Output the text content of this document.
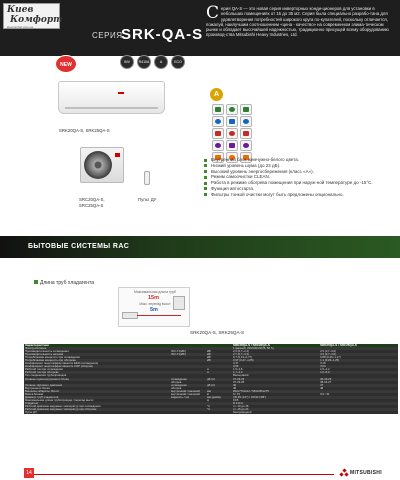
Киев
Комфорт
kievcomfort.com.ua
СЕРИЯ
SRK-QA-S
Серия QA-S — это новая серия инверторных конди-ционеров для установки в небольших помещениях от 15 до 35 м2. Серия была специально разрабо-тана для удовлетворения потребностей широкого круга по-купателей, поскольку отличается, пожалуй, наилучшим соотношением «цена - качество» на современном элима-тическом рынке и обладает высочайшей надежностью, традиционно присущей всему оборудованию производ-ства Mitsubishi Heavy Industries, Ltd.
NEW	INV	R410A	A	ECO
SRK20QA-S, SRK25QA-S
SRC20QA-S,
SRC25QA-S
Пульт ДУ
A
Внутренний блок жемчужно-белого цвета.
Низкий уровень шума (до 23 дБ).
Высокий уровень энергосбережения (класс «А»).
Режим самоочистки CLEAN.
Работа в режиме обогрева помещения при наруж-ной температуре до -15°С.
Функция автостарта.
Фильтры тонкой очистки могут быть предложены опционально.
БЫТОВЫЕ СИСТЕМЫ RAC
Длина труб хладагента
Максимальная длина труб
15m
Макс. перепад высот
5m
SRK20QA-S, SRK25QA-S
Характеристики			SRK20QA-S / SRC20QA-S	SRK25QA-S / SRC25QA-S
Электропитание			1 фазный, 220/230/240 В, 50 Гц	
Производительность охлаждения	ISO-T1(кВт)	кВт	2,0 (0,7~2,4)	2,5 (0,7~3,0)
Производительность нагрева	ISO-T1(кВт)	кВт	2,7 (0,7~3,3)	3,3 (0,7~4,0)
Потребляемая мощность при охлаждении		кВт	0,7 (0,31~0,77)	0,88 (0,26~1,17)
Потребляемая мощность при обогреве		кВт	0,97 (0,27~1,05)	1,1 (0,26~1,25)
Коэффициент энергоэффективности EER (охлаждение)			3,37	3,16
Коэффициент энергоэффективности COP (обогрев)			3,06	3,04
Рабочий ток при охлаждении		А	1,5~3,6	1,5~4,2
Рабочий ток при обогреве		А	1,7~4,0	1,6~5,0
Тип соединения трубопроводов			Вальцовкой	
Уровень шума внутреннего блока	охлаждение	дБ (А)	37-33-23	40-33-23
	обогрев		37-33-25	38-34-27
Уровень звукового давления	охлаждение	дБ (А)	46	47
Внутреннего блока	обогрев		46	48
Внешние габариты, Вхшхг	внутренний / внешний	мм	262х770х212 / 540х645х275	
Масса блоков	внутренний / внешний	кг	9 / 31	9,5 / 31
Диаметр труб хладагента	жидкость / газ	мм (дюйм)	∅6,35 (1/4") / ∅9,52 (3/8")	
Максимальная длина трубопровода / перепад высот		м	15/5	
Хладагент			R 410 A	
Рабочий диапазон наружных температур при охлаждении		°С	от -10 до 46	
Рабочий диапазон наружных температур при обогреве		°С	от -15 до 24	
Пульт ДУ			беспроводной	
14	MITSUBISHI
